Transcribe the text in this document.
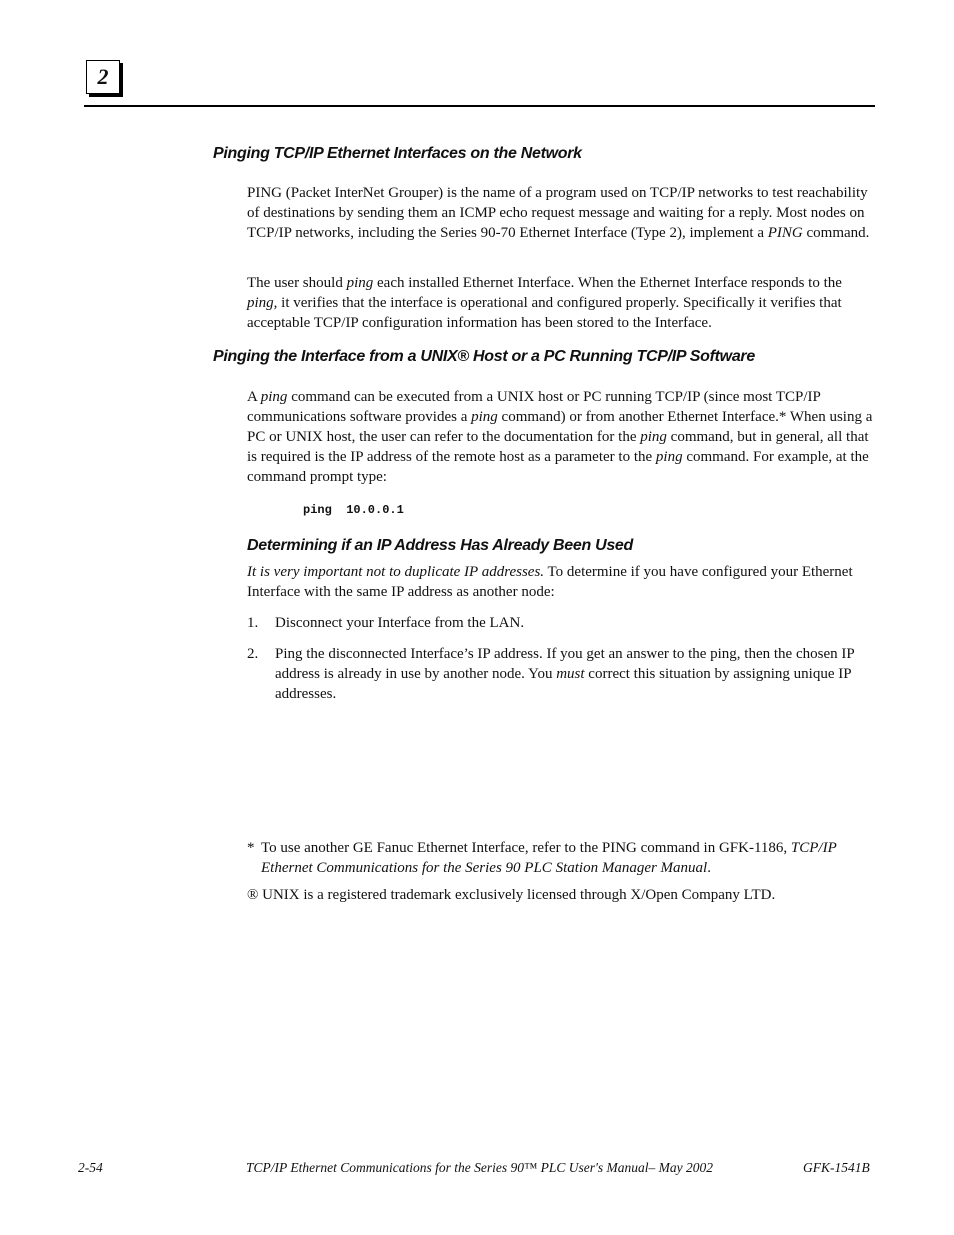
2
Pinging TCP/IP Ethernet Interfaces on the Network

PING (Packet InterNet Grouper) is the name of a program used on TCP/IP networks to test reachability of destinations by sending them an ICMP echo request message and waiting for a reply. Most nodes on TCP/IP networks, including the Series 90-70 Ethernet Interface (Type 2), implement a PING command.

The user should ping each installed Ethernet Interface. When the Ethernet Interface responds to the ping, it verifies that the interface is operational and configured properly. Specifically it verifies that acceptable TCP/IP configuration information has been stored to the Interface.

Pinging the Interface from a UNIX® Host or a PC Running TCP/IP Software

A ping command can be executed from a UNIX host or PC running TCP/IP (since most TCP/IP communications software provides a ping command) or from another Ethernet Interface.* When using a PC or UNIX host, the user can refer to the documentation for the ping command, but in general, all that is required is the IP address of the remote host as a parameter to the ping command. For example, at the command prompt type:

ping  10.0.0.1
Determining if an IP Address Has Already Been Used

It is very important not to duplicate IP addresses. To determine if you have configured your Ethernet Interface with the same IP address as another node:

1. Disconnect your Interface from the LAN.
2. Ping the disconnected Interface’s IP address. If you get an answer to the ping, then the chosen IP address is already in use by another node. You must correct this situation by assigning unique IP addresses.
* To use another GE Fanuc Ethernet Interface, refer to the PING command in GFK-1186, TCP/IP Ethernet Communications for the Series 90 PLC Station Manager Manual.

® UNIX is a registered trademark exclusively licensed through X/Open Company LTD.

2-54	TCP/IP Ethernet Communications for the Series 90™ PLC User's Manual– May 2002	GFK-1541B
